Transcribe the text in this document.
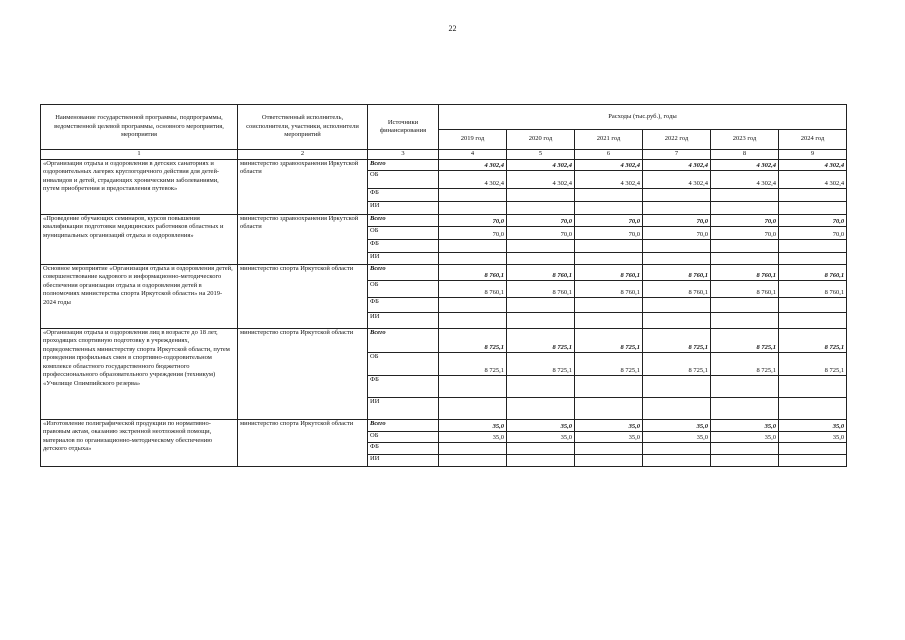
22
Наименование государственной программы, подпрограммы, ведомственной целевой программы, основного мероприятия, мероприятия	Ответственный исполнитель, соисполнители, участники, исполнители мероприятий	Источники финансирования	Расходы (тыс.руб.), годы					
			2019 год	2020 год	2021 год	2022 год	2023 год	2024 год
1	2	3	4	5	6	7	8	9
«Организация отдыха и оздоровления в детских санаториях и оздоровительных лагерях круглогодичного действия для детей-инвалидов и детей, страдающих хроническими заболеваниями, путем приобретения и предоставления путевок»	министерство здравоохранения Иркутской области	Всего	4 302,4	4 302,4	4 302,4	4 302,4	4 302,4	4 302,4
		ОБ	4 302,4	4 302,4	4 302,4	4 302,4	4 302,4	4 302,4
		ФБ						
		ИИ						
«Проведение обучающих семинаров, курсов повышения квалификации подготовки медицинских работников областных и муниципальных организаций отдыха и оздоровления»	министерство здравоохранения Иркутской области	Всего	70,0	70,0	70,0	70,0	70,0	70,0
		ОБ	70,0	70,0	70,0	70,0	70,0	70,0
		ФБ						
		ИИ						
Основное мероприятие «Организация отдыха и оздоровления детей, совершенствование кадрового и информационно-методического обеспечения организации отдыха и оздоровления детей в полномочиях министерства спорта Иркутской области» на 2019-2024 годы	министерство спорта Иркутской области	Всего	8 760,1	8 760,1	8 760,1	8 760,1	8 760,1	8 760,1
		ОБ	8 760,1	8 760,1	8 760,1	8 760,1	8 760,1	8 760,1
		ФБ						
		ИИ						
«Организация отдыха и оздоровления лиц в возрасте до 18 лет, проходящих спортивную подготовку в учреждениях, подведомственных министерству спорта Иркутской области, путем проведения профильных смен в спортивно-оздоровительном комплексе областного государственного бюджетного профессионального образовательного учреждения (техникум) «Училище Олимпийского резерва»	министерство спорта Иркутской области	Всего	8 725,1	8 725,1	8 725,1	8 725,1	8 725,1	8 725,1
		ОБ	8 725,1	8 725,1	8 725,1	8 725,1	8 725,1	8 725,1
		ФБ						
		ИИ						
«Изготовление полиграфической продукции по нормативно-правовым актам, оказанию экстренной неотложной помощи, материалов по организационно-методическому обеспечению детского отдыха»	министерство спорта Иркутской области	Всего	35,0	35,0	35,0	35,0	35,0	35,0
		ОБ	35,0	35,0	35,0	35,0	35,0	35,0
		ФБ						
		ИИ						
